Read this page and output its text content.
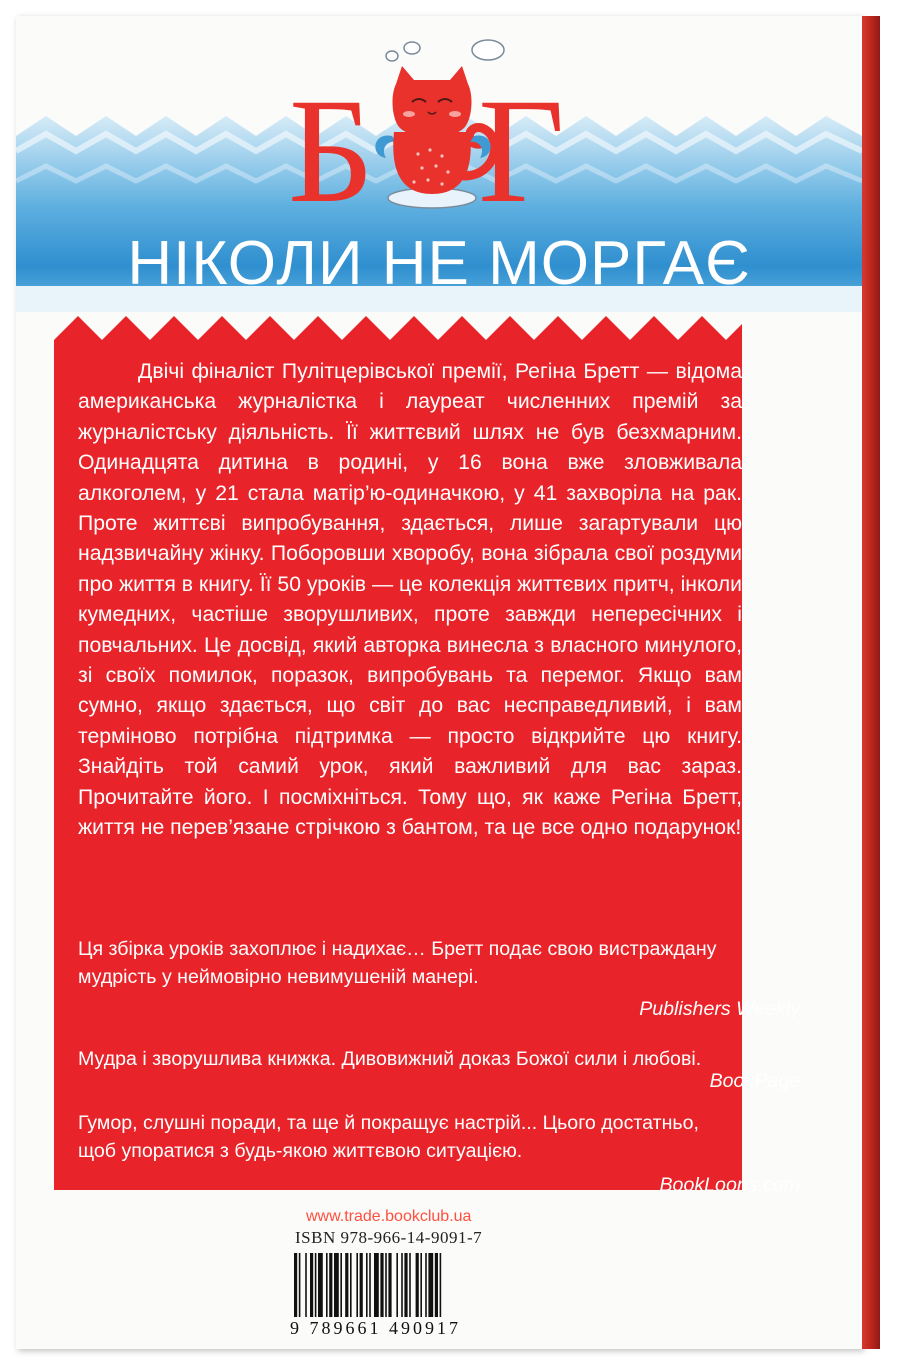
Б Г
НІКОЛИ НЕ МОРГАЄ

Двічі фіналіст Пулітцерівської премії, Регіна Бретт — відома американська журналістка і лауреат численних премій за журналістську діяльність. Її життєвий шлях не був безхмарним. Одинадцята дитина в родині, у 16 вона вже зловживала алкоголем, у 21 стала матір’ю-одиначкою, у 41 захворіла на рак. Проте життєві випробування, здається, лише загартували цю надзвичайну жінку. Поборовши хворобу, вона зібрала свої роздуми про життя в книгу. Її 50 уроків — це колекція життєвих притч, інколи кумедних, частіше зворушливих, проте завжди непересічних і повчальних. Це досвід, який авторка винесла з власного минулого, зі своїх помилок, поразок, випробувань та перемог. Якщо вам сумно, якщо здається, що світ до вас несправедливий, і вам терміново потрібна підтримка — просто відкрийте цю книгу. Знайдіть той самий урок, який важливий для вас зараз. Прочитайте його. І посміхніться. Тому що, як каже Регіна Бретт, життя не перев’язане стрічкою з бантом, та це все одно подарунок!

Ця збірка уроків захоплює і надихає… Бретт подає свою вистраждану мудрість у неймовірно невимушеній манері.

Publishers Weekly

Мудра і зворушлива книжка. Дивовижний доказ Божої сили і любові.

BookPage

Гумор, слушні поради, та ще й покращує настрій... Цього достатньо, щоб упоратися з будь-якою життєвою ситуацією.

BookLoons.com
www.trade.bookclub.ua
ISBN 978-966-14-9091-7
9 789661 490917
